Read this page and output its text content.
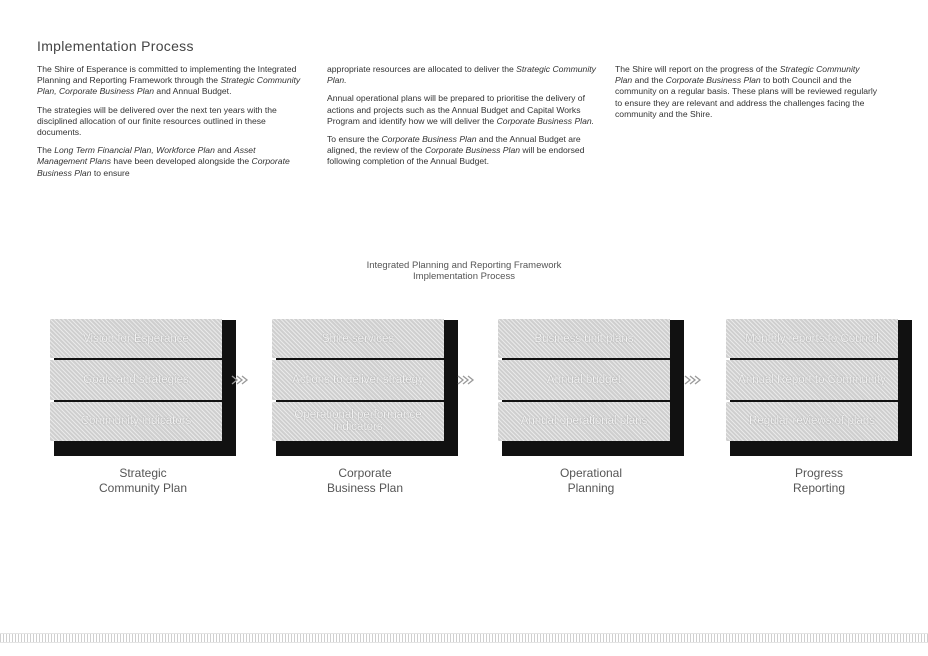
Implementation Process

The Shire of Esperance is committed to implementing the Integrated Planning and Reporting Framework through the Strategic Community Plan, Corporate Business Plan and Annual Budget.

The strategies will be delivered over the next ten years with the disciplined allocation of our finite resources outlined in these documents.

The Long Term Financial Plan, Workforce Plan and Asset Management Plans have been developed alongside the Corporate Business Plan to ensure

appropriate resources are allocated to deliver the Strategic Community Plan.

Annual operational plans will be prepared to prioritise the delivery of actions and projects such as the Annual Budget and Capital Works Program and identify how we will deliver the Corporate Business Plan.

To ensure the Corporate Business Plan and the Annual Budget are aligned, the review of the Corporate Business Plan will be endorsed following completion of the Annual Budget.

The Shire will report on the progress of the Strategic Community Plan and the Corporate Business Plan to both Council and the community on a regular basis. These plans will be reviewed regularly to ensure they are relevant and address the challenges facing the community and the Shire.

Integrated Planning and Reporting Framework
Implementation Process
Vision for Esperance
Goals and strategies
Community indicators
Shire services
Actions to deliver strategy
Operational performance indicators
Business unit plans
Annual budget
Annual operational plans
Monthly reports to Council
Annual Report to Community
Regular reviews of plans
Strategic
Community Plan
Corporate
Business Plan
Operational
Planning
Progress
Reporting
